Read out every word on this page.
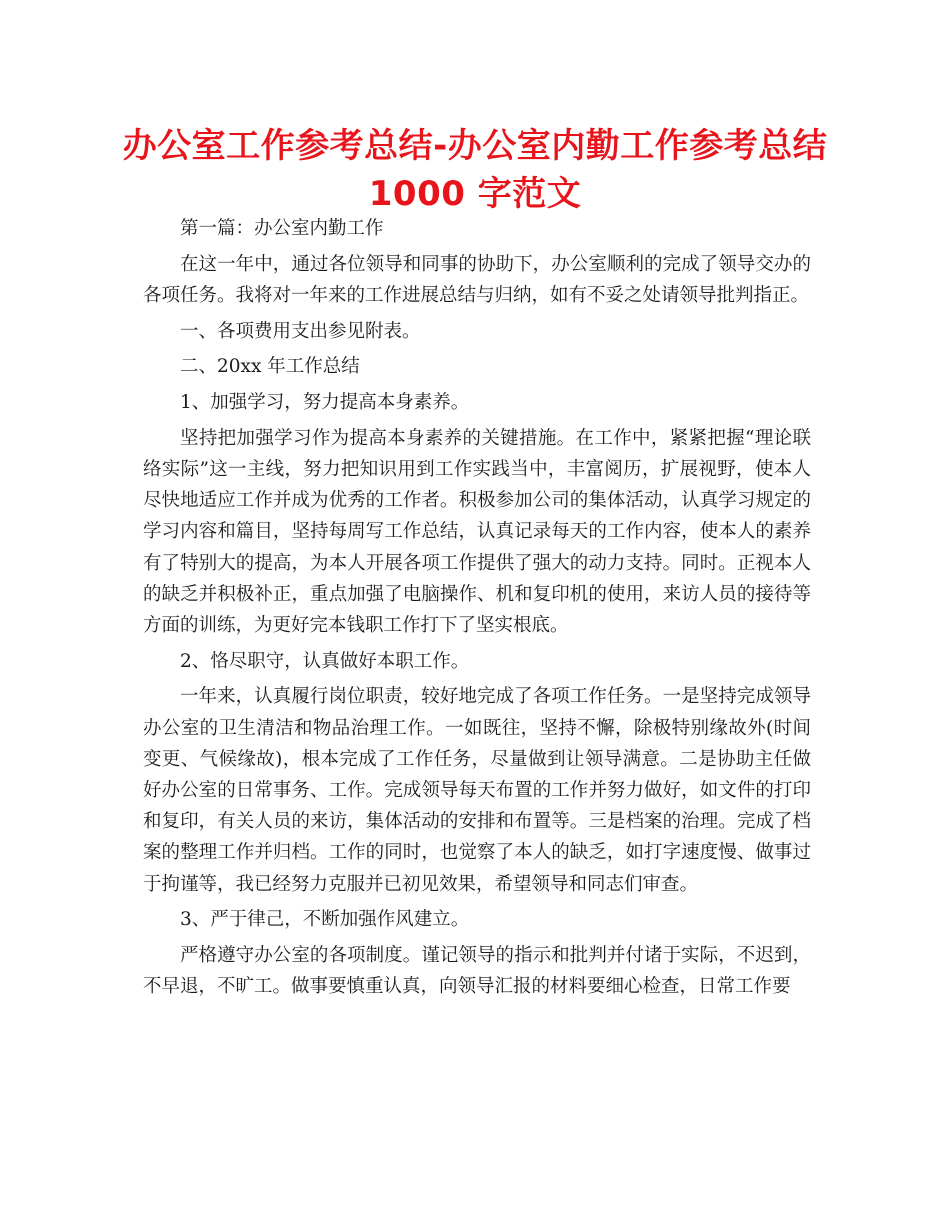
办公室工作参考总结-办公室内勤工作参考总结
1000 字范文

第一篇：办公室内勤工作

在这一年中，通过各位领导和同事的协助下，办公室顺利的完成了领导交办的各项任务。我将对一年来的工作进展总结与归纳，如有不妥之处请领导批判指正。

一、各项费用支出参见附表。

二、20xx 年工作总结

1、加强学习，努力提高本身素养。

坚持把加强学习作为提高本身素养的关键措施。在工作中，紧紧把握“理论联络实际”这一主线，努力把知识用到工作实践当中，丰富阅历，扩展视野，使本人尽快地适应工作并成为优秀的工作者。积极参加公司的集体活动，认真学习规定的学习内容和篇目，坚持每周写工作总结，认真记录每天的工作内容，使本人的素养有了特别大的提高，为本人开展各项工作提供了强大的动力支持。同时。正视本人的缺乏并积极补正，重点加强了电脑操作、机和复印机的使用，来访人员的接待等方面的训练，为更好完本钱职工作打下了坚实根底。

2、恪尽职守，认真做好本职工作。

一年来，认真履行岗位职责，较好地完成了各项工作任务。一是坚持完成领导办公室的卫生清洁和物品治理工作。一如既往，坚持不懈，除极特别缘故外(时间变更、气候缘故)，根本完成了工作任务，尽量做到让领导满意。二是协助主任做好办公室的日常事务、工作。完成领导每天布置的工作并努力做好，如文件的打印和复印，有关人员的来访，集体活动的安排和布置等。三是档案的治理。完成了档案的整理工作并归档。工作的同时，也觉察了本人的缺乏，如打字速度慢、做事过于拘谨等，我已经努力克服并已初见效果，希望领导和同志们审查。

3、严于律己，不断加强作风建立。

严格遵守办公室的各项制度。谨记领导的指示和批判并付诸于实际，不迟到，不早退，不旷工。做事要慎重认真，向领导汇报的材料要细心检查，日常工作要
